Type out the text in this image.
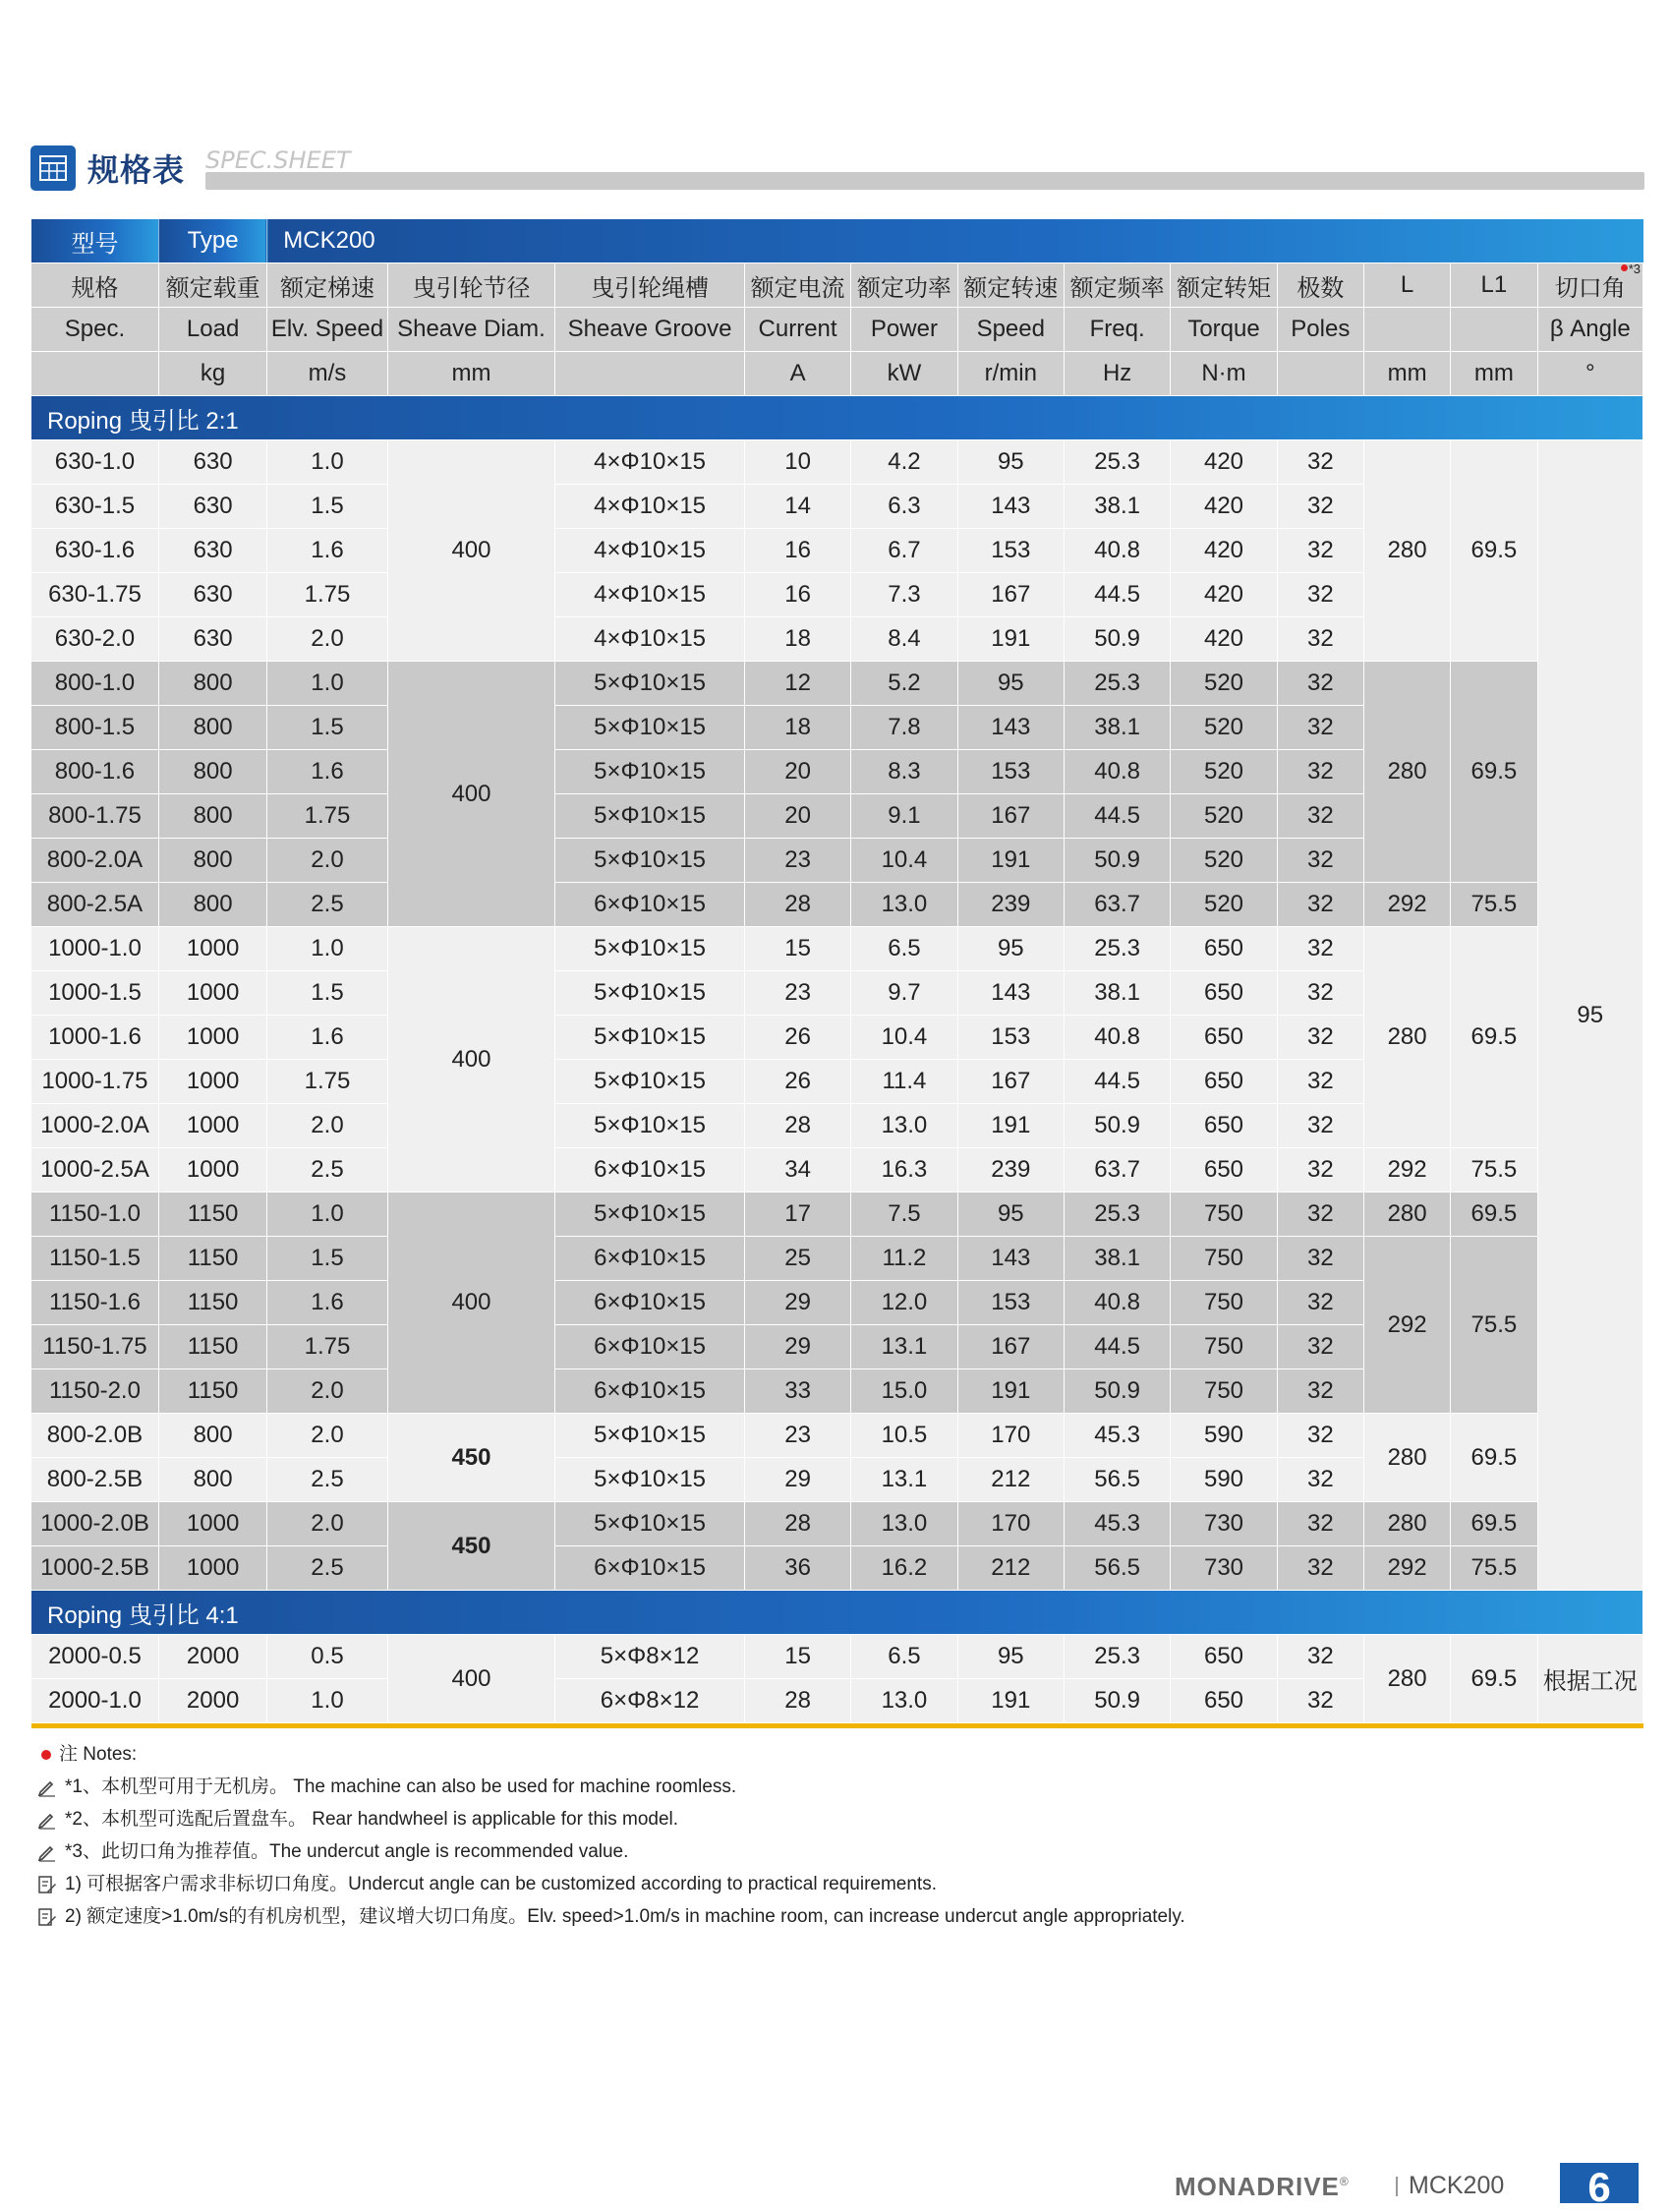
规格表 SPEC.SHEET
型号	Type	MCK200											
规格	额定载重	额定梯速	曳引轮节径	曳引轮绳槽	额定电流	额定功率	额定转速	额定频率	额定转矩	极数	L	L1	切口角
*3

Spec.	Load	Elv. Speed	Sheave Diam.	Sheave Groove	Current	Power	Speed	Freq.	Torque	Poles			β Angle
	kg	m/s	mm		A	kW	r/min	Hz	N·m		mm	mm	°
Roping 曳引比 2:1													
630-1.0	630	1.0	400	4×Φ10×15	10	4.2	95	25.3	420	32	280	69.5	95
630-1.5	630	1.5		4×Φ10×15	14	6.3	143	38.1	420	32			
630-1.6	630	1.6		4×Φ10×15	16	6.7	153	40.8	420	32			
630-1.75	630	1.75		4×Φ10×15	16	7.3	167	44.5	420	32			
630-2.0	630	2.0		4×Φ10×15	18	8.4	191	50.9	420	32			
800-1.0	800	1.0	400	5×Φ10×15	12	5.2	95	25.3	520	32	280	69.5	
800-1.5	800	1.5		5×Φ10×15	18	7.8	143	38.1	520	32			
800-1.6	800	1.6		5×Φ10×15	20	8.3	153	40.8	520	32			
800-1.75	800	1.75		5×Φ10×15	20	9.1	167	44.5	520	32			
800-2.0A	800	2.0		5×Φ10×15	23	10.4	191	50.9	520	32			
800-2.5A	800	2.5		6×Φ10×15	28	13.0	239	63.7	520	32	292	75.5	
1000-1.0	1000	1.0	400	5×Φ10×15	15	6.5	95	25.3	650	32	280	69.5	
1000-1.5	1000	1.5		5×Φ10×15	23	9.7	143	38.1	650	32			
1000-1.6	1000	1.6		5×Φ10×15	26	10.4	153	40.8	650	32			
1000-1.75	1000	1.75		5×Φ10×15	26	11.4	167	44.5	650	32			
1000-2.0A	1000	2.0		5×Φ10×15	28	13.0	191	50.9	650	32			
1000-2.5A	1000	2.5		6×Φ10×15	34	16.3	239	63.7	650	32	292	75.5	
1150-1.0	1150	1.0	400	5×Φ10×15	17	7.5	95	25.3	750	32	280	69.5	
1150-1.5	1150	1.5		6×Φ10×15	25	11.2	143	38.1	750	32	292	75.5	
1150-1.6	1150	1.6		6×Φ10×15	29	12.0	153	40.8	750	32			
1150-1.75	1150	1.75		6×Φ10×15	29	13.1	167	44.5	750	32			
1150-2.0	1150	2.0		6×Φ10×15	33	15.0	191	50.9	750	32			
800-2.0B	800	2.0	450	5×Φ10×15	23	10.5	170	45.3	590	32	280	69.5	
800-2.5B	800	2.5		5×Φ10×15	29	13.1	212	56.5	590	32			
1000-2.0B	1000	2.0	450	5×Φ10×15	28	13.0	170	45.3	730	32	280	69.5	
1000-2.5B	1000	2.5		6×Φ10×15	36	16.2	212	56.5	730	32	292	75.5	
Roping 曳引比 4:1													
2000-0.5	2000	0.5	400	5×Φ8×12	15	6.5	95	25.3	650	32	280	69.5	根据工况
2000-1.0	2000	1.0		6×Φ8×12	28	13.0	191	50.9	650	32			
注 Notes:
*1、本机型可用于无机房。 The machine can also be used for machine roomless.
*2、本机型可选配后置盘车。 Rear handwheel is applicable for this model.
*3、此切口角为推荐值。The undercut angle is recommended value.
1) 可根据客户需求非标切口角度。Undercut angle can be customized according to practical requirements.
2) 额定速度>1.0m/s的有机房机型，建议增大切口角度。Elv. speed>1.0m/s in machine room, can increase undercut angle appropriately.
MONADRIVE® MCK200	6
